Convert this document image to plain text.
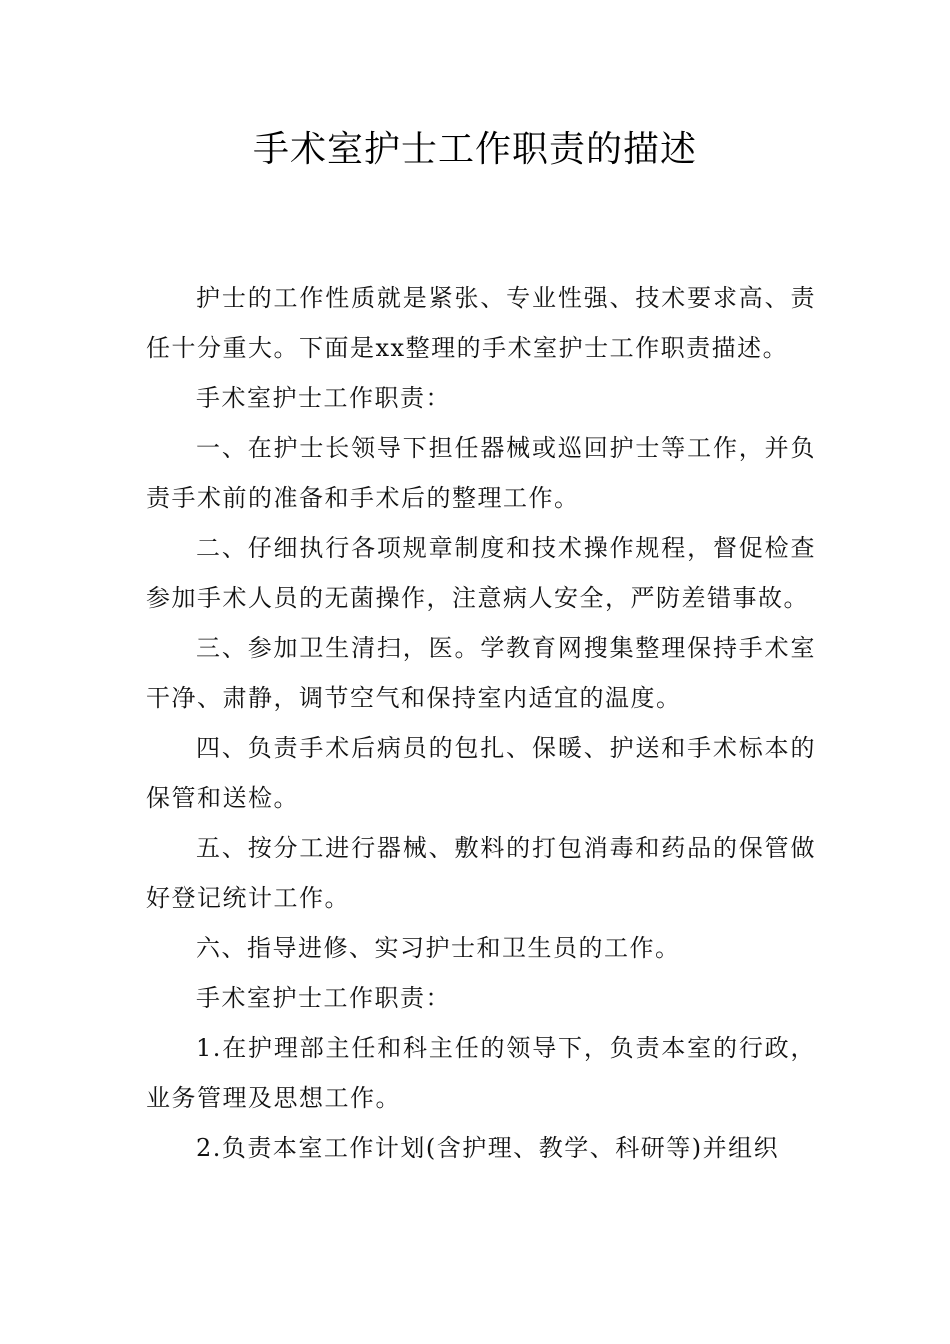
手术室护士工作职责的描述

护士的工作性质就是紧张、专业性强、技术要求高、责任十分重大。下面是xx整理的手术室护士工作职责描述。

手术室护士工作职责：

一、在护士长领导下担任器械或巡回护士等工作，并负责手术前的准备和手术后的整理工作。

二、仔细执行各项规章制度和技术操作规程，督促检查参加手术人员的无菌操作，注意病人安全，严防差错事故。

三、参加卫生清扫，医。学教育网搜集整理保持手术室干净、肃静，调节空气和保持室内适宜的温度。

四、负责手术后病员的包扎、保暖、护送和手术标本的保管和送检。

五、按分工进行器械、敷料的打包消毒和药品的保管做好登记统计工作。

六、指导进修、实习护士和卫生员的工作。

手术室护士工作职责：

1.在护理部主任和科主任的领导下，负责本室的行政，业务管理及思想工作。

2.负责本室工作计划(含护理、教学、科研等)并组织
